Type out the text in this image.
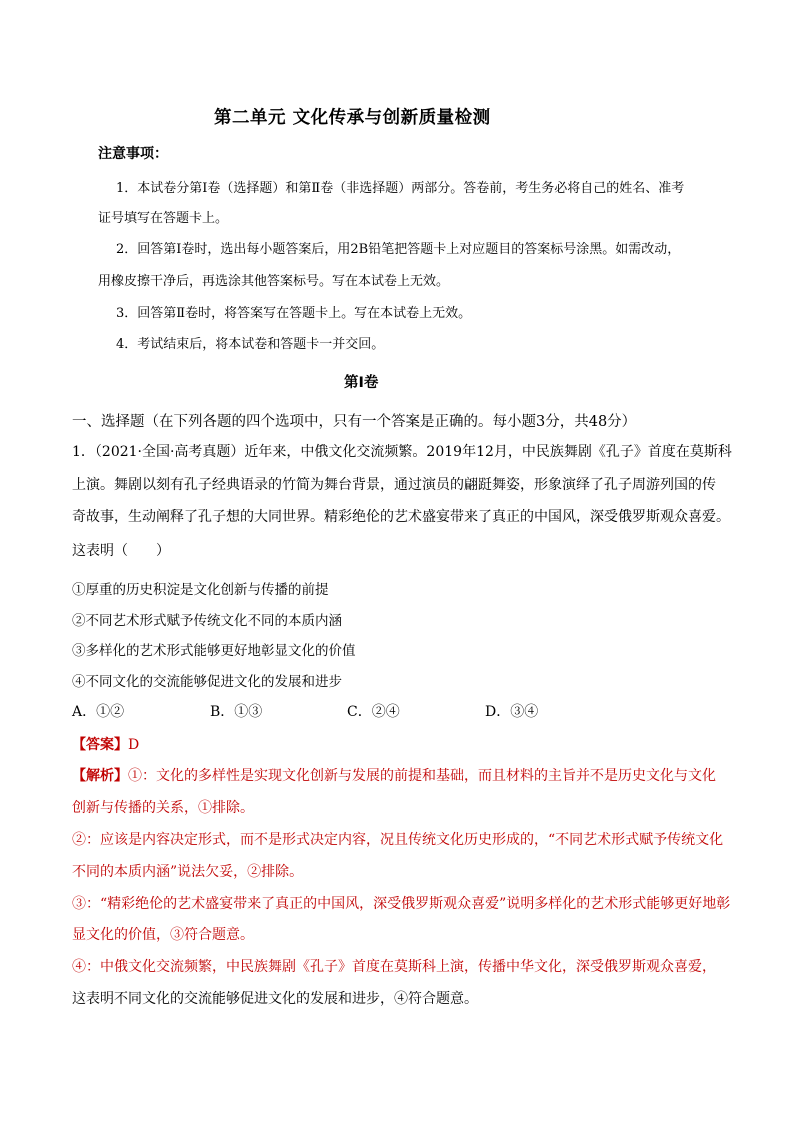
第二单元 文化传承与创新质量检测
注意事项：
1．本试卷分第Ⅰ卷（选择题）和第Ⅱ卷（非选择题）两部分。答卷前，考生务必将自己的姓名、准考
证号填写在答题卡上。
2．回答第Ⅰ卷时，选出每小题答案后，用2B铅笔把答题卡上对应题目的答案标号涂黑。如需改动，
用橡皮擦干净后，再选涂其他答案标号。写在本试卷上无效。
3．回答第Ⅱ卷时，将答案写在答题卡上。写在本试卷上无效。
4．考试结束后，将本试卷和答题卡一并交回。
第Ⅰ卷
一、选择题（在下列各题的四个选项中，只有一个答案是正确的。每小题3分，共48分）
1．（2021·全国·高考真题）近年来，中俄文化交流频繁。2019年12月，中民族舞剧《孔子》首度在莫斯科
上演。舞剧以刻有孔子经典语录的竹简为舞台背景，通过演员的翩跹舞姿，形象演绎了孔子周游列国的传
奇故事，生动阐释了孔子想的大同世界。精彩绝伦的艺术盛宴带来了真正的中国风，深受俄罗斯观众喜爱。
这表明（　　）
①厚重的历史积淀是文化创新与传播的前提
②不同艺术形式赋予传统文化不同的本质内涵
③多样化的艺术形式能够更好地彰显文化的价值
④不同文化的交流能够促进文化的发展和进步
A．①②	B．①③	C．②④	D．③④
【答案】D
【解析】①：文化的多样性是实现文化创新与发展的前提和基础，而且材料的主旨并不是历史文化与文化
创新与传播的关系，①排除。
②：应该是内容决定形式，而不是形式决定内容，况且传统文化历史形成的，“不同艺术形式赋予传统文化
不同的本质内涵”说法欠妥，②排除。
③：“精彩绝伦的艺术盛宴带来了真正的中国风，深受俄罗斯观众喜爱”说明多样化的艺术形式能够更好地彰
显文化的价值，③符合题意。
④：中俄文化交流频繁，中民族舞剧《孔子》首度在莫斯科上演，传播中华文化，深受俄罗斯观众喜爱，
这表明不同文化的交流能够促进文化的发展和进步，④符合题意。
